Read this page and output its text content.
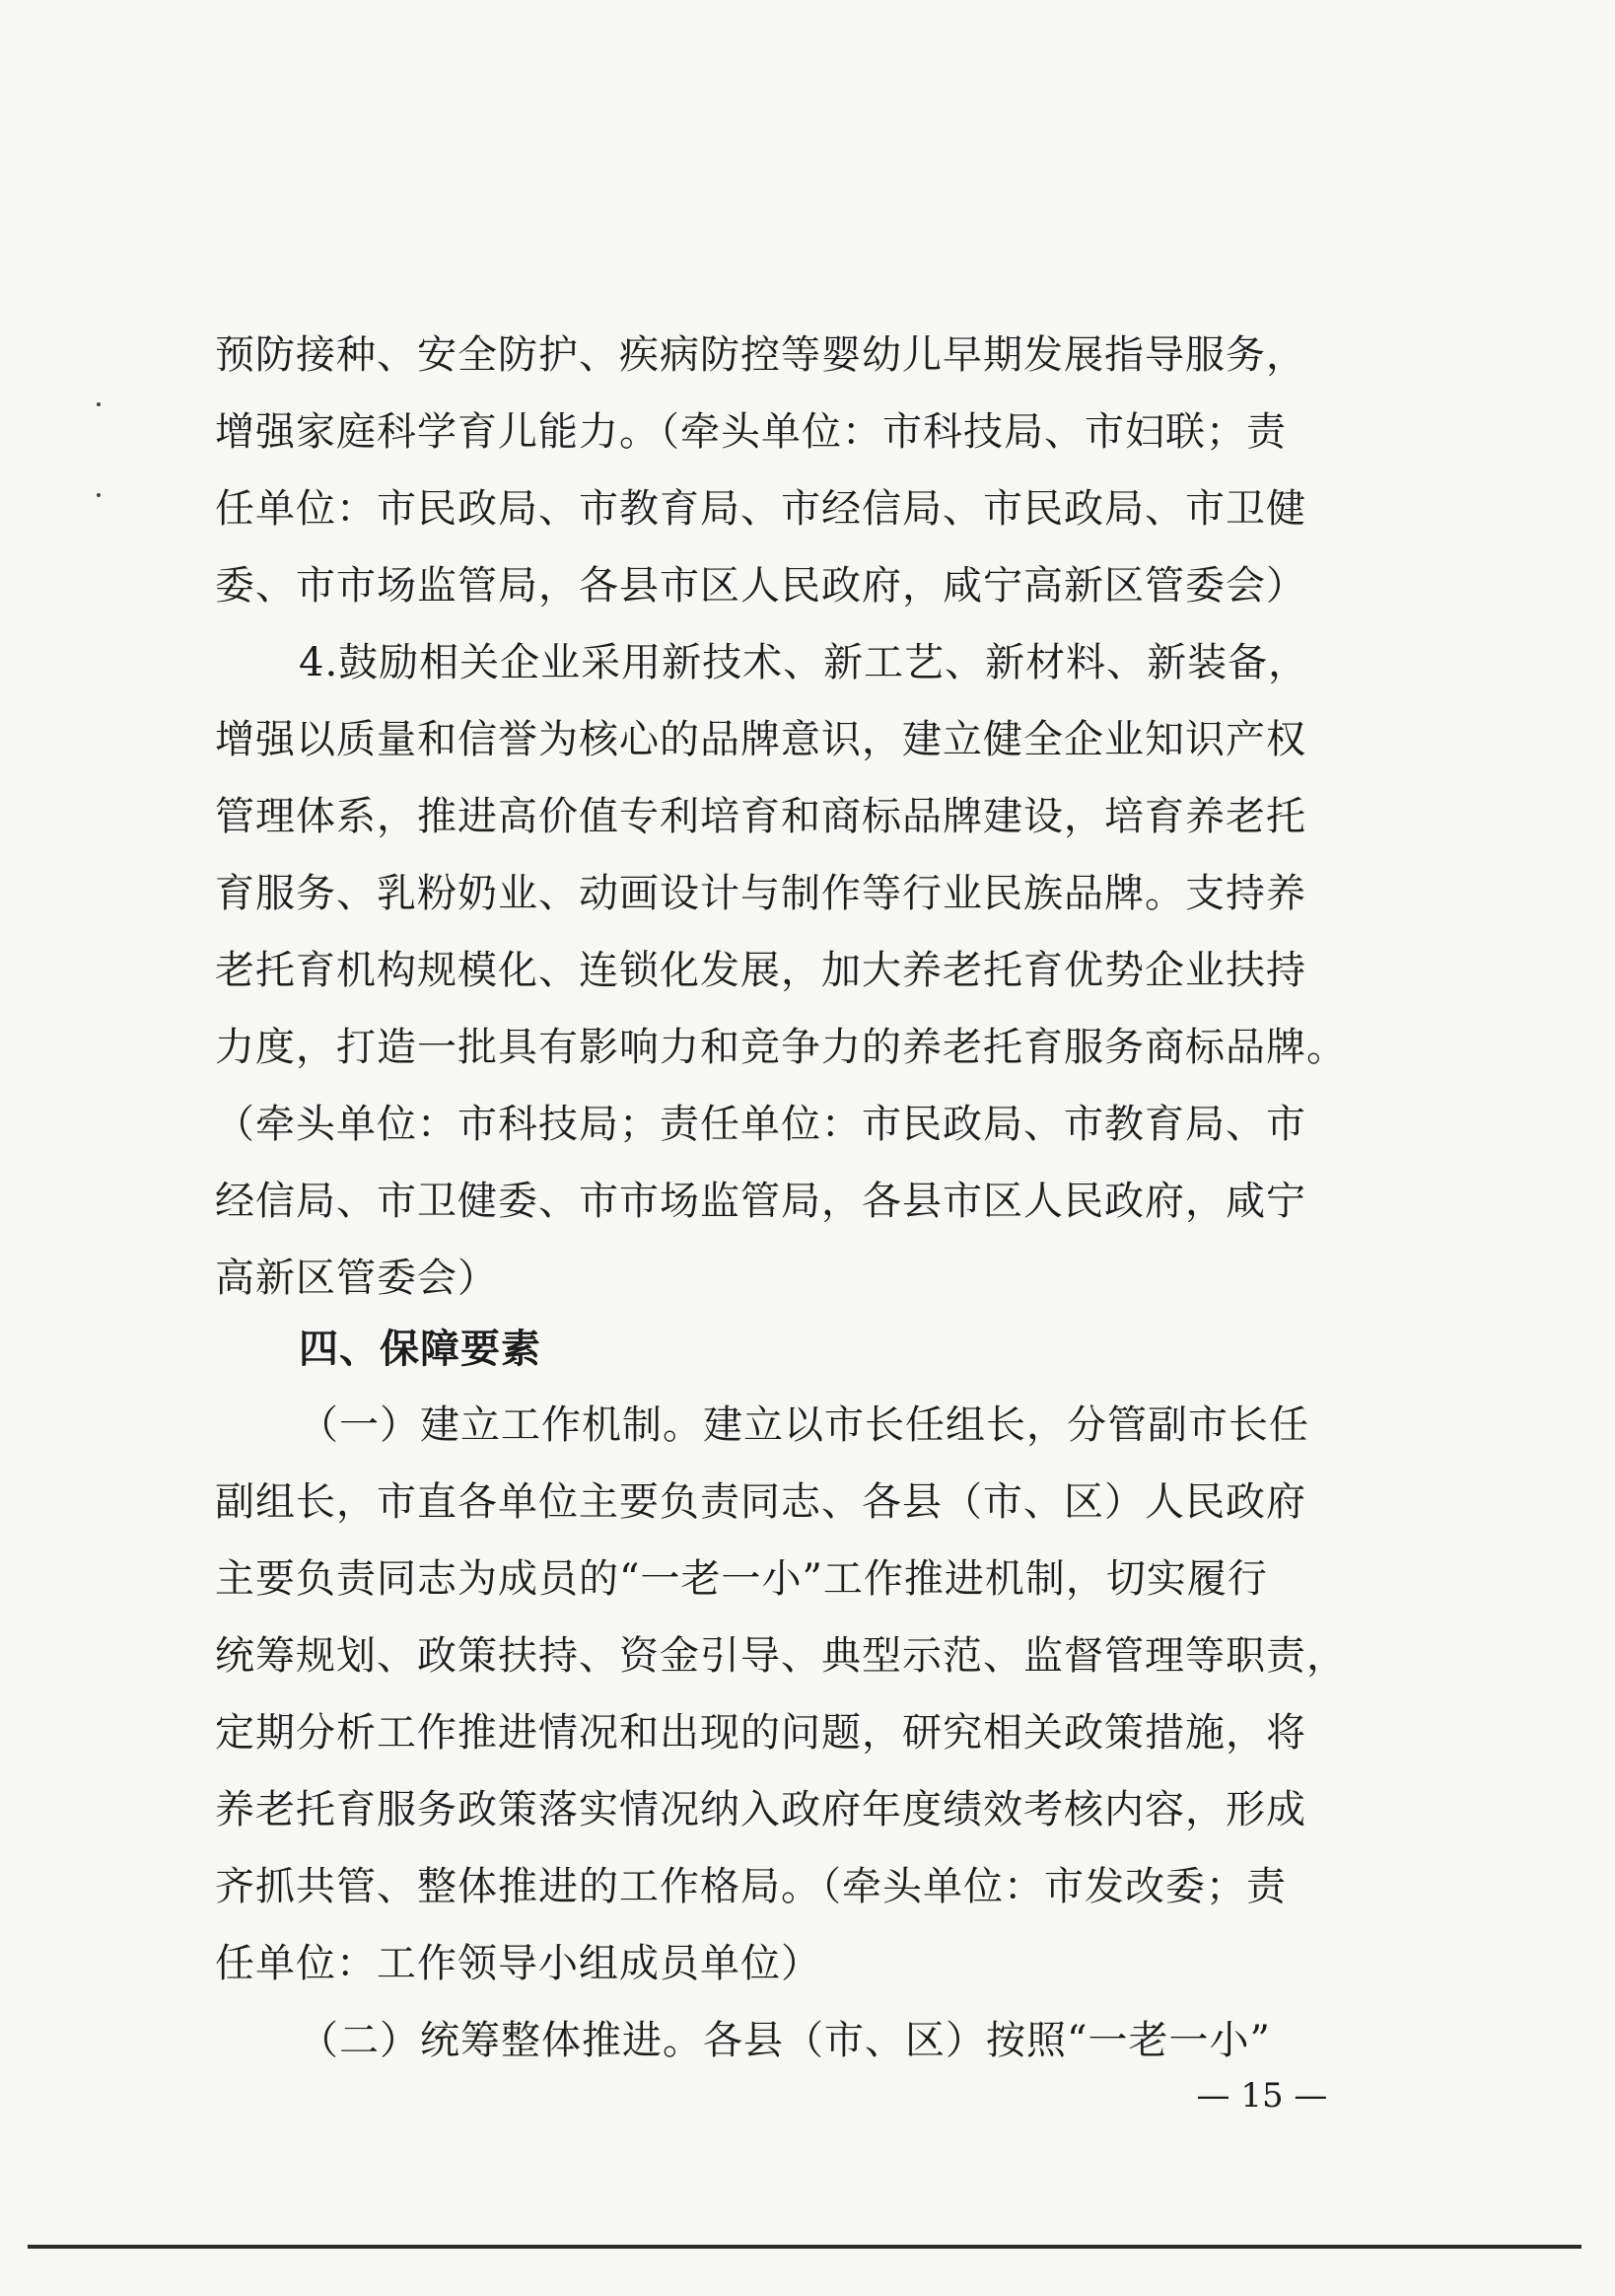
预防接种、安全防护、疾病防控等婴幼儿早期发展指导服务，
增强家庭科学育儿能力。（牵头单位：市科技局、市妇联；责
任单位：市民政局、市教育局、市经信局、市民政局、市卫健
委、市市场监管局，各县市区人民政府，咸宁高新区管委会）
4.鼓励相关企业采用新技术、新工艺、新材料、新装备，
增强以质量和信誉为核心的品牌意识，建立健全企业知识产权
管理体系，推进高价值专利培育和商标品牌建设，培育养老托
育服务、乳粉奶业、动画设计与制作等行业民族品牌。支持养
老托育机构规模化、连锁化发展，加大养老托育优势企业扶持
力度，打造一批具有影响力和竞争力的养老托育服务商标品牌。
（牵头单位：市科技局；责任单位：市民政局、市教育局、市
经信局、市卫健委、市市场监管局，各县市区人民政府，咸宁
高新区管委会）
四、保障要素
（一）建立工作机制。建立以市长任组长，分管副市长任
副组长，市直各单位主要负责同志、各县（市、区）人民政府
主要负责同志为成员的“一老一小”工作推进机制，切实履行
统筹规划、政策扶持、资金引导、典型示范、监督管理等职责，
定期分析工作推进情况和出现的问题，研究相关政策措施，将
养老托育服务政策落实情况纳入政府年度绩效考核内容，形成
齐抓共管、整体推进的工作格局。（牵头单位：市发改委；责
任单位：工作领导小组成员单位）
（二）统筹整体推进。各县（市、区）按照“一老一小”
— 15 —
